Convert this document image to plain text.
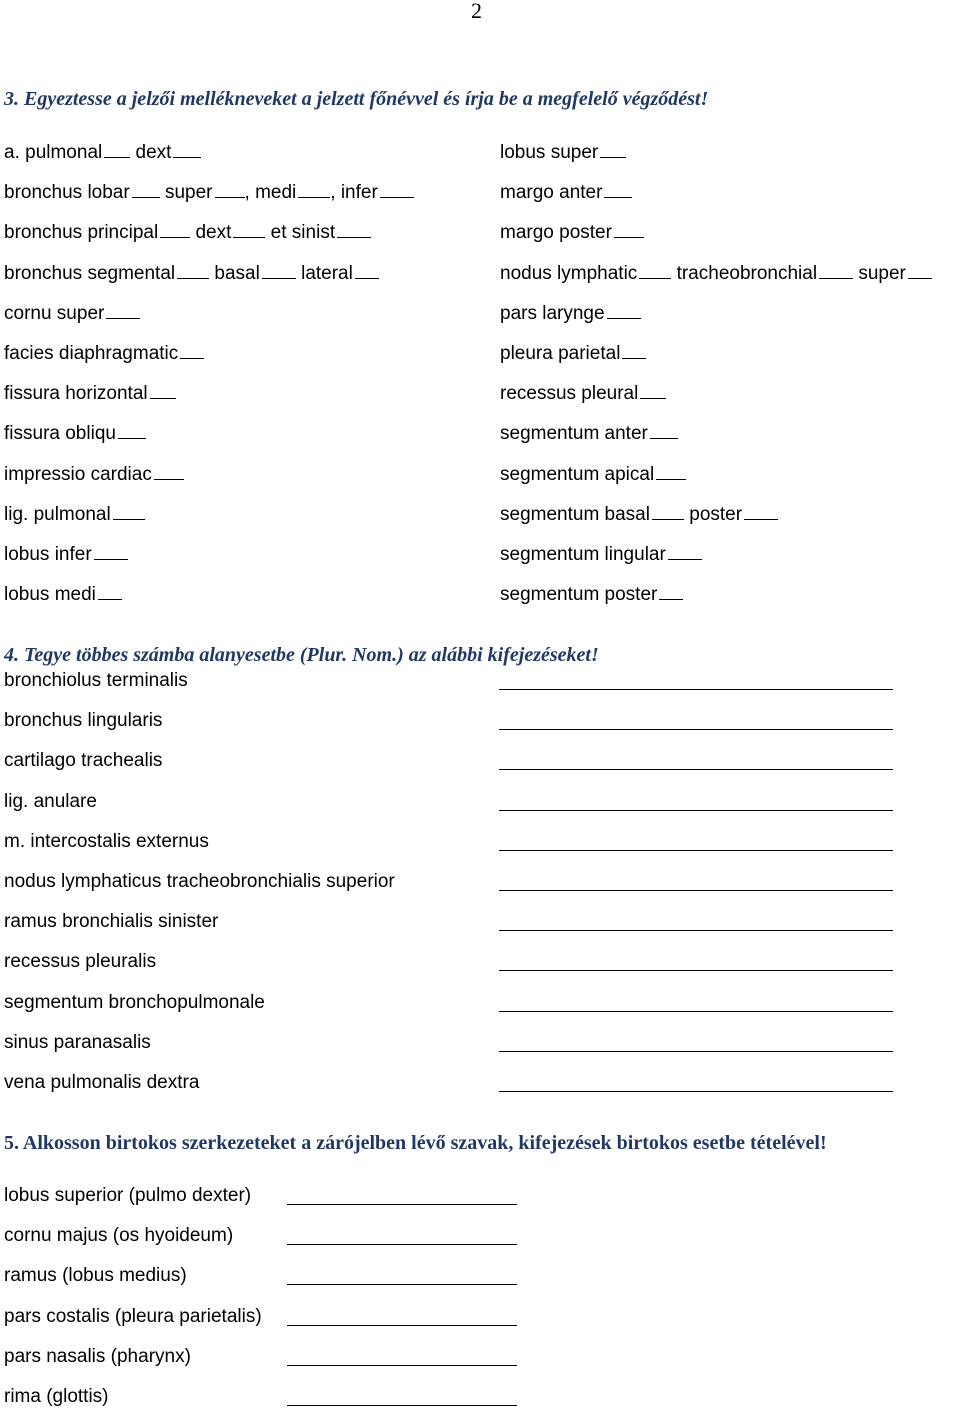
2
3. Egyeztesse a jelzői mellékneveket a jelzett főnévvel és írja be a megfelelő végződést!
a. pulmonal dext
bronchus lobar super , medi , infer
bronchus principal dext et sinist
bronchus segmental basal lateral
cornu super
facies diaphragmatic
fissura horizontal
fissura obliqu
impressio cardiac
lig. pulmonal
lobus infer
lobus medi
lobus super
margo anter
margo poster
nodus lymphatic tracheobronchial super
pars larynge
pleura parietal
recessus pleural
segmentum anter
segmentum apical
segmentum basal poster
segmentum lingular
segmentum poster
4. Tegye többes számba alanyesetbe (Plur. Nom.) az alábbi kifejezéseket!
bronchiolus terminalis
bronchus lingularis
cartilago trachealis
lig. anulare
m. intercostalis externus
nodus lymphaticus tracheobronchialis superior
ramus bronchialis sinister
recessus pleuralis
segmentum bronchopulmonale
sinus paranasalis
vena pulmonalis dextra
5. Alkosson birtokos szerkezeteket a zárójelben lévő szavak, kifejezések birtokos esetbe tételével!
lobus superior (pulmo dexter)
cornu majus (os hyoideum)
ramus (lobus medius)
pars costalis (pleura parietalis)
pars nasalis (pharynx)
rima (glottis)
